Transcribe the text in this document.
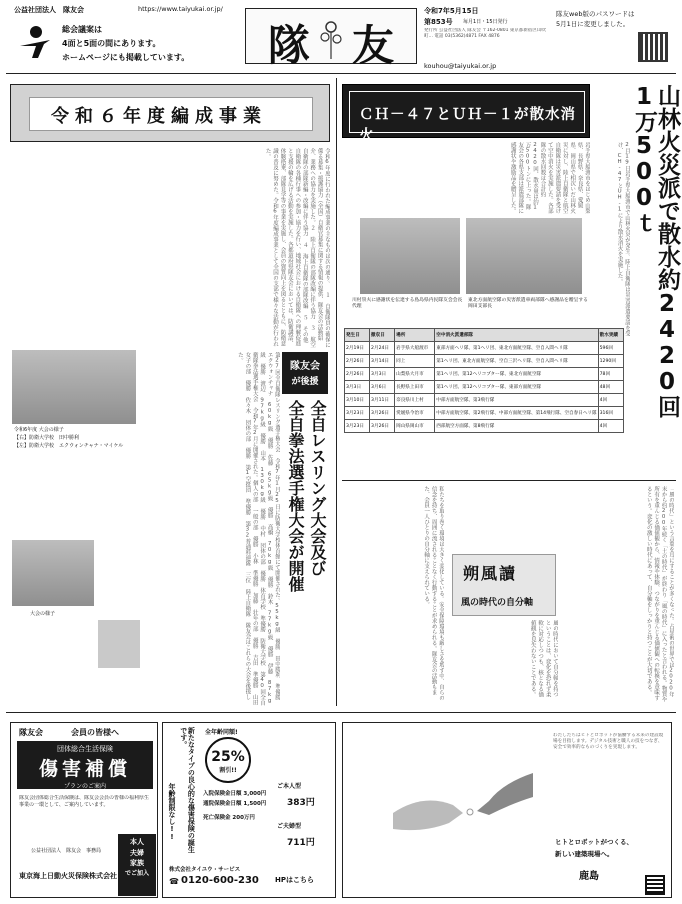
公益社団法人　隊友会	https://www.taiyukai.or.jp/
総会議案は
4面と5面の間にあります。
ホームページにも掲載しています。 隊 友
令和7年5月15日
第853号 毎月1日・15日発行
発行所 公益社団法人 隊友会 〒162-0801 東京都新宿区山吹町… 電話 03(5362)4871 FAX 4876
kouhou@taiyukai.or.jp
隊友web版のパスワードは5月1日に変更しました。
令和６年度編成事業
令和6年度に行われた編成事業の主なものは次の通り。 １ 自衛隊員の確保に係る募集・援護協力（全国）自衛官募集に関する情報の提供、隊友会の活動紹介、業務への協力を実施した。２ 陸上自衛隊の部隊改編に伴う協力 ３ 航空自衛隊の部隊新編・改編に伴う協力 ４ 海上自衛隊の部隊改編 ５ その他 自衛隊の各種行事への参加・協力を行い、地域社会における自衛隊への理解促進と支援の輪を広げる活動を実施した。各都道府県隊友会においては、防衛講話、体験搭乗、部隊見学等の事業を実施し、会員の資質向上を図るとともに、防衛意識の普及に努めた。令和6年度編成事業として全国の支部で様々な活動が行われた。
令和6年度 大会の様子
【右】防衛大学校　田中勝利
【左】防衛大学校　エクウォンチャナ・マイケル
隊友会
が後援
全自レスリング大会及び
全自拳法選手権大会が開催
第27回全自衛隊レスリング選手権大会 令和7年1月25日に防衛大学校体育館にて開催された。55kg級 優勝 田中勝利 準優勝 エクウォンチャナ 60kg級 優勝 佐藤 65kg級 優勝 高橋 70kg級 優勝 鈴木 77kg級 優勝 伊藤 87kg級 優勝 渡辺 97kg級 優勝 山本 130kg級 優勝 中村 団体の部 優勝 体育学校 準優勝 防衛大学校 第40回全自衛隊拳法選手権大会 令和7年2月に開催された。個人の部 一般の部 優勝 小林 準優勝 加藤 壮年の部 優勝 吉田 準優勝 山田 女子の部 優勝 佐々木 団体の部 優勝 第1空挺団 準優勝 第32普通科連隊 三位 陸上自衛隊 隊友会はこれらの大会を後援した。
大会の様子
ＣＨ－４７とＵＨ－１が散水消火	山林火災派で散水約2420回1万500ｔ
2月19日岩手県大船渡市で山林火災が発生。陸上自衛隊は災害派遣要請を受け、CH-47とUH-1により散水消火を実施した。
岩手県大船渡市をはじめ山梨県、長野県、奈良県、愛媛県、岡山県で相次いだ山林火災に対し、陸上自衛隊と航空自衛隊は災害派遣要請を受けて空中消火を実施した。各部隊の散水回数は合計約2420回、散水量は約1万500トンに上った。隊友会の各県支部は派遣部隊に感謝状や激励品を贈呈した。
川村崇夫に感謝状を伝達する島岛県内民隊友会会長代理
東北方面航空隊の災害派遣車両部隊へ感謝品を贈呈する岡田支部長
発生日	撤収日	場所	空中消火派遣部隊	散水実績
2月19日	2月24日	岩手県大船渡市	東部方面ヘリ隊、第1ヘリ団、東北方面航空隊、空自入間ヘリ隊	596回
2月26日	3月14日	同上	第1ヘリ団、東北方面航空隊、空自三沢ヘリ隊、空自入間ヘリ隊	1290回
2月26日	3月3日	山梨県大月市	第1ヘリ団、第12ヘリコプター隊、東北方面航空隊	78回
3月3日	3月6日	長野県上田市	第1ヘリ団、第12ヘリコプター隊、東部方面航空隊	48回
3月10日	3月11日	奈良県川上村	中部方面航空隊、第3飛行隊	4回
3月23日	3月26日	愛媛県今治市	中部方面航空隊、第2飛行隊、中部方面航空隊、第14飛行隊、空自春日ヘリ隊	316回
3月23日	3月26日	岡山県岡山市	西部航空方面隊、第8飛行隊	4回
「風の時代」という言葉を耳にすることが多くなった。占星術の世界では2020年末から約200年続く「土の時代」が終わり「風の時代」に入ったと言われる。物質や所有を重んじる価値観から、情報や体験、つながりを重んじる価値観への転換を意味するという。変化の激しい時代にあって、自分軸をしっかりと持つことが大切である。
私たちを取り巻く環境は大きく変化している。安全保障環境も厳しさを増す中、自らの信念を持ち、周囲に流されることなく行動することが求められる。隊友会の活動もまた、会員一人ひとりの自分軸に支えられている。	朔風讀
風の時代の自分軸
風の時代において自分軸を持つということは、変化を恐れず柔軟に対応しつつも、核となる価値観を見失わないことである。
隊友会	会員の皆様へ
団体総合生活保険
傷害補償
プランのご案内
隊友会団体総合生活保険は、隊友会会員の皆様の福利厚生事業の一環として、ご案内しています。
公益社団法人　隊友会　事務局
東京海上日動火災保険株式会社
本人
夫婦
家族
でご加入
年齢制限なし!!	新たなタイプの良心的な傷害保険の誕生です。	全年齢同額!
25%
割引!!
入院保険金日額 3,000円
通院保険金日額 1,500円
死亡保険金 200万円
ご本人型
383円
ご夫婦型
711円
株式会社タイユウ・サービス
☎ 0120-600-230 HPはこちら
わたしたちはヒトとロボットが協働する未来の建設現場を目指します。デジタル技術と職人の技をつなぎ、安全で効率的なものづくりを実現します。
ヒトとロボットがつくる、
新しい建築現場へ。
鹿島
